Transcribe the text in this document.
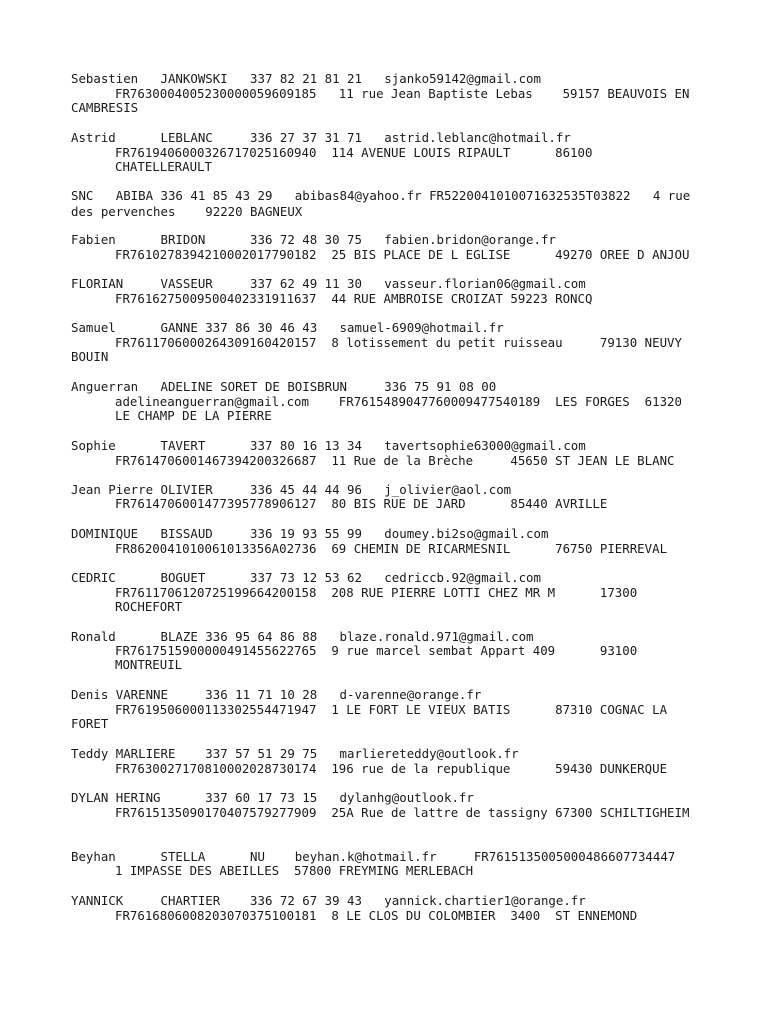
Sebastien   JANKOWSKI   337 82 21 81 21   sjanko59142@gmail.com
FR7630004005230000059609185   11 rue Jean Baptiste Lebas    59157 BEAUVOIS EN
CAMBRESIS
Astrid      LEBLANC     336 27 37 31 71   astrid.leblanc@hotmail.fr
FR7619406000326717025160940  114 AVENUE LOUIS RIPAULT      86100
CHATELLERAULT
SNC   ABIBA 336 41 85 43 29   abibas84@yahoo.fr FR5220041010071632535T03822   4 rue
des pervenches    92220 BAGNEUX
Fabien      BRIDON      336 72 48 30 75   fabien.bridon@orange.fr
FR7610278394210002017790182  25 BIS PLACE DE L EGLISE      49270 OREE D ANJOU
FLORIAN     VASSEUR     337 62 49 11 30   vasseur.florian06@gmail.com
FR7616275009500402331911637  44 RUE AMBROISE CROIZAT 59223 RONCQ
Samuel      GANNE 337 86 30 46 43   samuel-6909@hotmail.fr
FR7611706000264309160420157  8 lotissement du petit ruisseau     79130 NEUVY
BOUIN
Anguerran   ADELINE SORET DE BOISBRUN     336 75 91 08 00
adelineanguerran@gmail.com    FR7615489047760009477540189  LES FORGES  61320
LE CHAMP DE LA PIERRE
Sophie      TAVERT      337 80 16 13 34   tavertsophie63000@gmail.com
FR7614706001467394200326687  11 Rue de la Brèche     45650 ST JEAN LE BLANC
Jean Pierre OLIVIER     336 45 44 44 96   j_olivier@aol.com
FR7614706001477395778906127  80 BIS RUE DE JARD      85440 AVRILLE
DOMINIQUE   BISSAUD     336 19 93 55 99   doumey.bi2so@gmail.com
FR8620041010061013356A02736  69 CHEMIN DE RICARMESNIL      76750 PIERREVAL
CEDRIC      BOGUET      337 73 12 53 62   cedriccb.92@gmail.com
FR7611706120725199664200158  208 RUE PIERRE LOTTI CHEZ MR M      17300
ROCHEFORT
Ronald      BLAZE 336 95 64 86 88   blaze.ronald.971@gmail.com
FR7617515900000491455622765  9 rue marcel sembat Appart 409      93100
MONTREUIL
Denis VARENNE     336 11 71 10 28   d-varenne@orange.fr
FR7619506000113302554471947  1 LE FORT LE VIEUX BATIS      87310 COGNAC LA
FORET
Teddy MARLIERE    337 57 51 29 75   marliereteddy@outlook.fr
FR7630027170810002028730174  196 rue de la republique      59430 DUNKERQUE
DYLAN HERING      337 60 17 73 15   dylanhg@outlook.fr
FR7615135090170407579277909  25A Rue de lattre de tassigny 67300 SCHILTIGHEIM
Beyhan      STELLA      NU    beyhan.k@hotmail.fr     FR7615135005000486607734447
1 IMPASSE DES ABEILLES  57800 FREYMING MERLEBACH
YANNICK     CHARTIER    336 72 67 39 43   yannick.chartier1@orange.fr
FR7616806008203070375100181  8 LE CLOS DU COLOMBIER  3400  ST ENNEMOND
